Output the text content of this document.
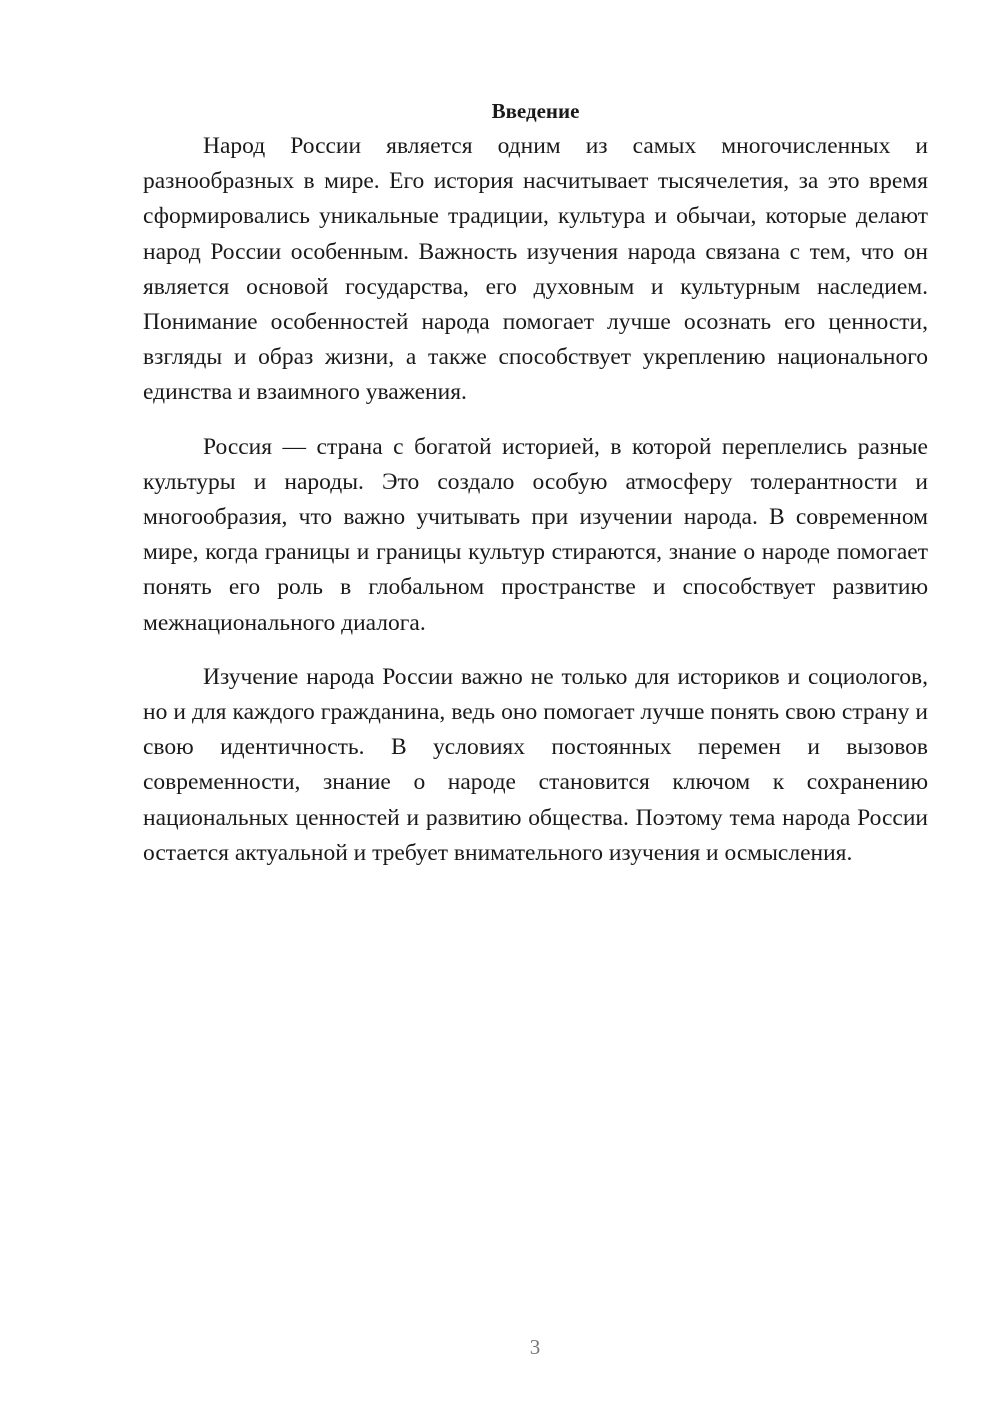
Введение

Народ России является одним из самых многочисленных и разнообразных в мире. Его история насчитывает тысячелетия, за это время сформировались уникальные традиции, культура и обычаи, которые делают народ России особенным. Важность изучения народа связана с тем, что он является основой государства, его духовным и культурным наследием. Понимание особенностей народа помогает лучше осознать его ценности, взгляды и образ жизни, а также способствует укреплению национального единства и взаимного уважения.

Россия — страна с богатой историей, в которой переплелись разные культуры и народы. Это создало особую атмосферу толерантности и многообразия, что важно учитывать при изучении народа. В современном мире, когда границы и границы культур стираются, знание о народе помогает понять его роль в глобальном пространстве и способствует развитию межнационального диалога.

Изучение народа России важно не только для историков и социологов, но и для каждого гражданина, ведь оно помогает лучше понять свою страну и свою идентичность. В условиях постоянных перемен и вызовов современности, знание о народе становится ключом к сохранению национальных ценностей и развитию общества. Поэтому тема народа России остается актуальной и требует внимательного изучения и осмысления.

3
